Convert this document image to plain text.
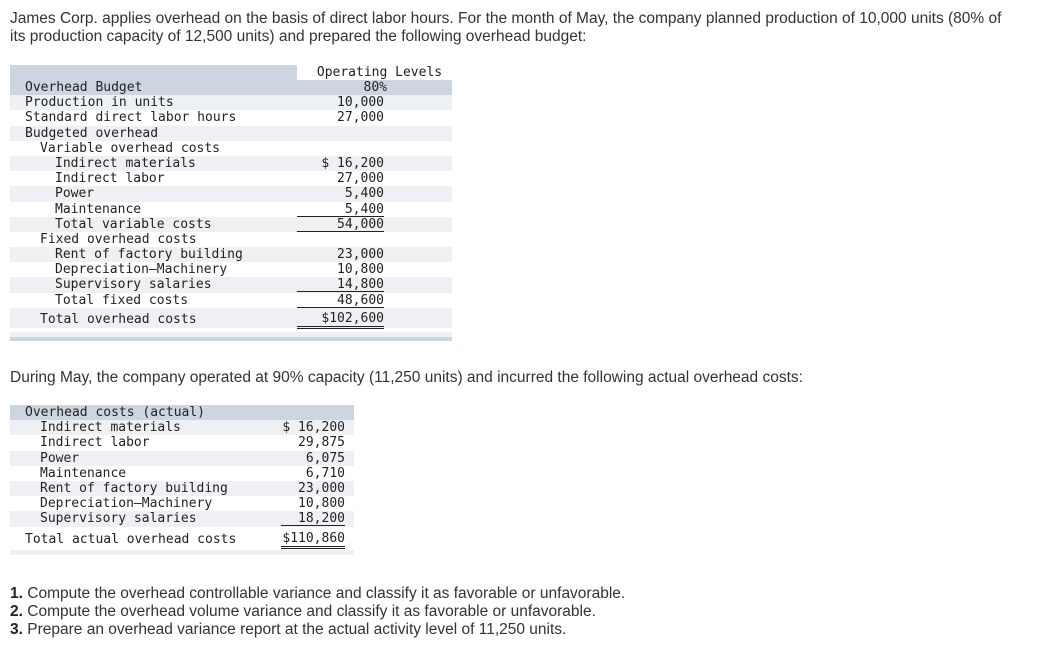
James Corp. applies overhead on the basis of direct labor hours. For the month of May, the company planned production of 10,000 units (80% of its production capacity of 12,500 units) and prepared the following overhead budget:
Operating Levels
Overhead Budget	80%
Production in units	10,000
Standard direct labor hours	27,000
Budgeted overhead
Variable overhead costs
Indirect materials	$ 16,200
Indirect labor	27,000
Power	5,400
Maintenance	5,400
Total variable costs	54,000
Fixed overhead costs
Rent of factory building	23,000
Depreciation—Machinery	10,800
Supervisory salaries	14,800
Total fixed costs	48,600
Total overhead costs	$102,600
During May, the company operated at 90% capacity (11,250 units) and incurred the following actual overhead costs:
Overhead costs (actual)
Indirect materials	$ 16,200
Indirect labor	29,875
Power	6,075
Maintenance	6,710
Rent of factory building	23,000
Depreciation—Machinery	10,800
Supervisory salaries	18,200
Total actual overhead costs	$110,860
1. Compute the overhead controllable variance and classify it as favorable or unfavorable.
2. Compute the overhead volume variance and classify it as favorable or unfavorable.
3. Prepare an overhead variance report at the actual activity level of 11,250 units.
